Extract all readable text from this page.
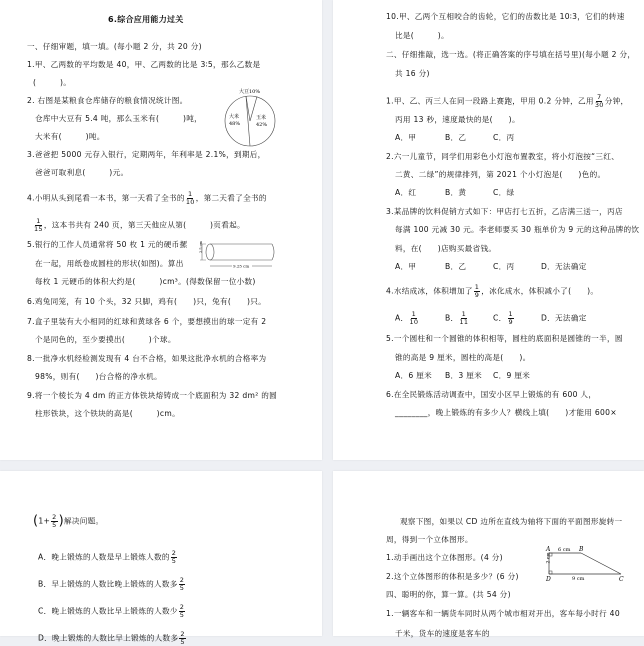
6.综合应用能力过关
一、仔细审题，填一填。(每小题 2 分，共 20 分)
1.甲、乙两数的平均数是 40，甲、乙两数的比是 3∶5，那么乙数是
(　　　)。
2. 右图是某粮食仓库储存的粮食情况统计图。
仓库中大豆有 5.4 吨，那么玉米有(　　　)吨，
大米有(　　　)吨。
大豆10%
大米
48%
玉米
42%
3.爸爸把 5000 元存入银行，定期两年，年利率是 2.1%，到期后，
爸爸可取利息(　　　)元。
4.小明从头到尾看一本书，第一天看了全书的 $\frac{1}{10}$ ，第二天看了全书的
$\frac{1}{15}$ ，这本书共有 240 页，第三天他应从第(　　　)页看起。
5.银行的工作人员通常将 50 枚 1 元的硬币摞
在一起，用纸卷成圆柱的形状(如图)。算出
每枚 1 元硬币的体积大约是(　　　)cm³。(得数保留一位小数)
2.5 cm
9.25 cm
6.鸡兔同笼，有 10 个头，32 只脚，鸡有(　　)只，兔有(　　)只。
7.盒子里装有大小相同的红球和黄球各 6 个，要想摸出的球一定有 2
个是同色的，至少要摸出(　　　)个球。
8.一批净水机经检测发现有 4 台不合格，如果这批净水机的合格率为
98%，则有(　　)台合格的净水机。
9.将一个棱长为 4 dm 的正方体铁块熔铸成一个底面积为 32 dm² 的圆
柱形铁块，这个铁块的高是(　　　)cm。
10.甲、乙两个互相咬合的齿轮，它们的齿数比是 10∶3，它们的转速
比是(　　　)。
二、仔细推敲，选一选。(将正确答案的序号填在括号里)(每小题 2 分，
共 16 分)
1.甲、乙、丙三人在同一段路上赛跑，甲用 0.2 分钟，乙用 $\frac{7}{30}$ 分钟，
丙用 13 秒，速度最快的是(　　)。
A．甲	B．乙	C．丙
2.六一儿童节，同学们用彩色小灯泡布置教室，将小灯泡按“三红、
二黄、二绿”的规律排列，第 2021 个小灯泡是(　　)色的。
A．红	B．黄	C．绿
3.某品牌的饮料促销方式如下：甲店打七五折，乙店满三送一，丙店
每满 100 元减 30 元。李老师要买 30 瓶单价为 9 元的这种品牌的饮
料，在(　　)店购买最省钱。
A．甲	B．乙	C．丙	D．无法确定
4.水结成冰，体积增加了 $\frac{1}{9}$ ，冰化成水，体积减小了(　　)。
A． $\frac{1}{10}$	B． $\frac{1}{11}$	C． $\frac{1}{9}$	D．无法确定
5.一个圆柱和一个圆锥的体积相等，圆柱的底面积是圆锥的一半，圆
锥的高是 9 厘米，圆柱的高是(　　)。
A．6 厘米 B．3 厘米 C．9 厘米
6.在全民锻炼活动调查中，国安小区早上锻炼的有 600 人，
________，晚上锻炼的有多少人？横线上填(　　)才能用 600×
($1+ \frac{2}{5}$ )解决问题。
A．晚上锻炼的人数是早上锻炼人数的 $\frac{2}{5}$
B．早上锻炼的人数比晚上锻炼的人数多 $\frac{2}{5}$
C．晚上锻炼的人数比早上锻炼的人数少 $\frac{2}{5}$
D．晚上锻炼的人数比早上锻炼的人数多 $\frac{2}{5}$
观察下图，如果以 CD 边所在直线为轴将下面的平面图形旋转一
周，得到一个立体图形。
1.动手画出这个立体图形。(4 分)
2.这个立体图形的体积是多少？(6 分)
A	B
C
D
6 cm
9 cm
2 cm
四、聪明的你，算一算。(共 54 分)
1.一辆客车和一辆货车同时从两个城市相对开出，客车每小时行 40
千米，货车的速度是客车的
